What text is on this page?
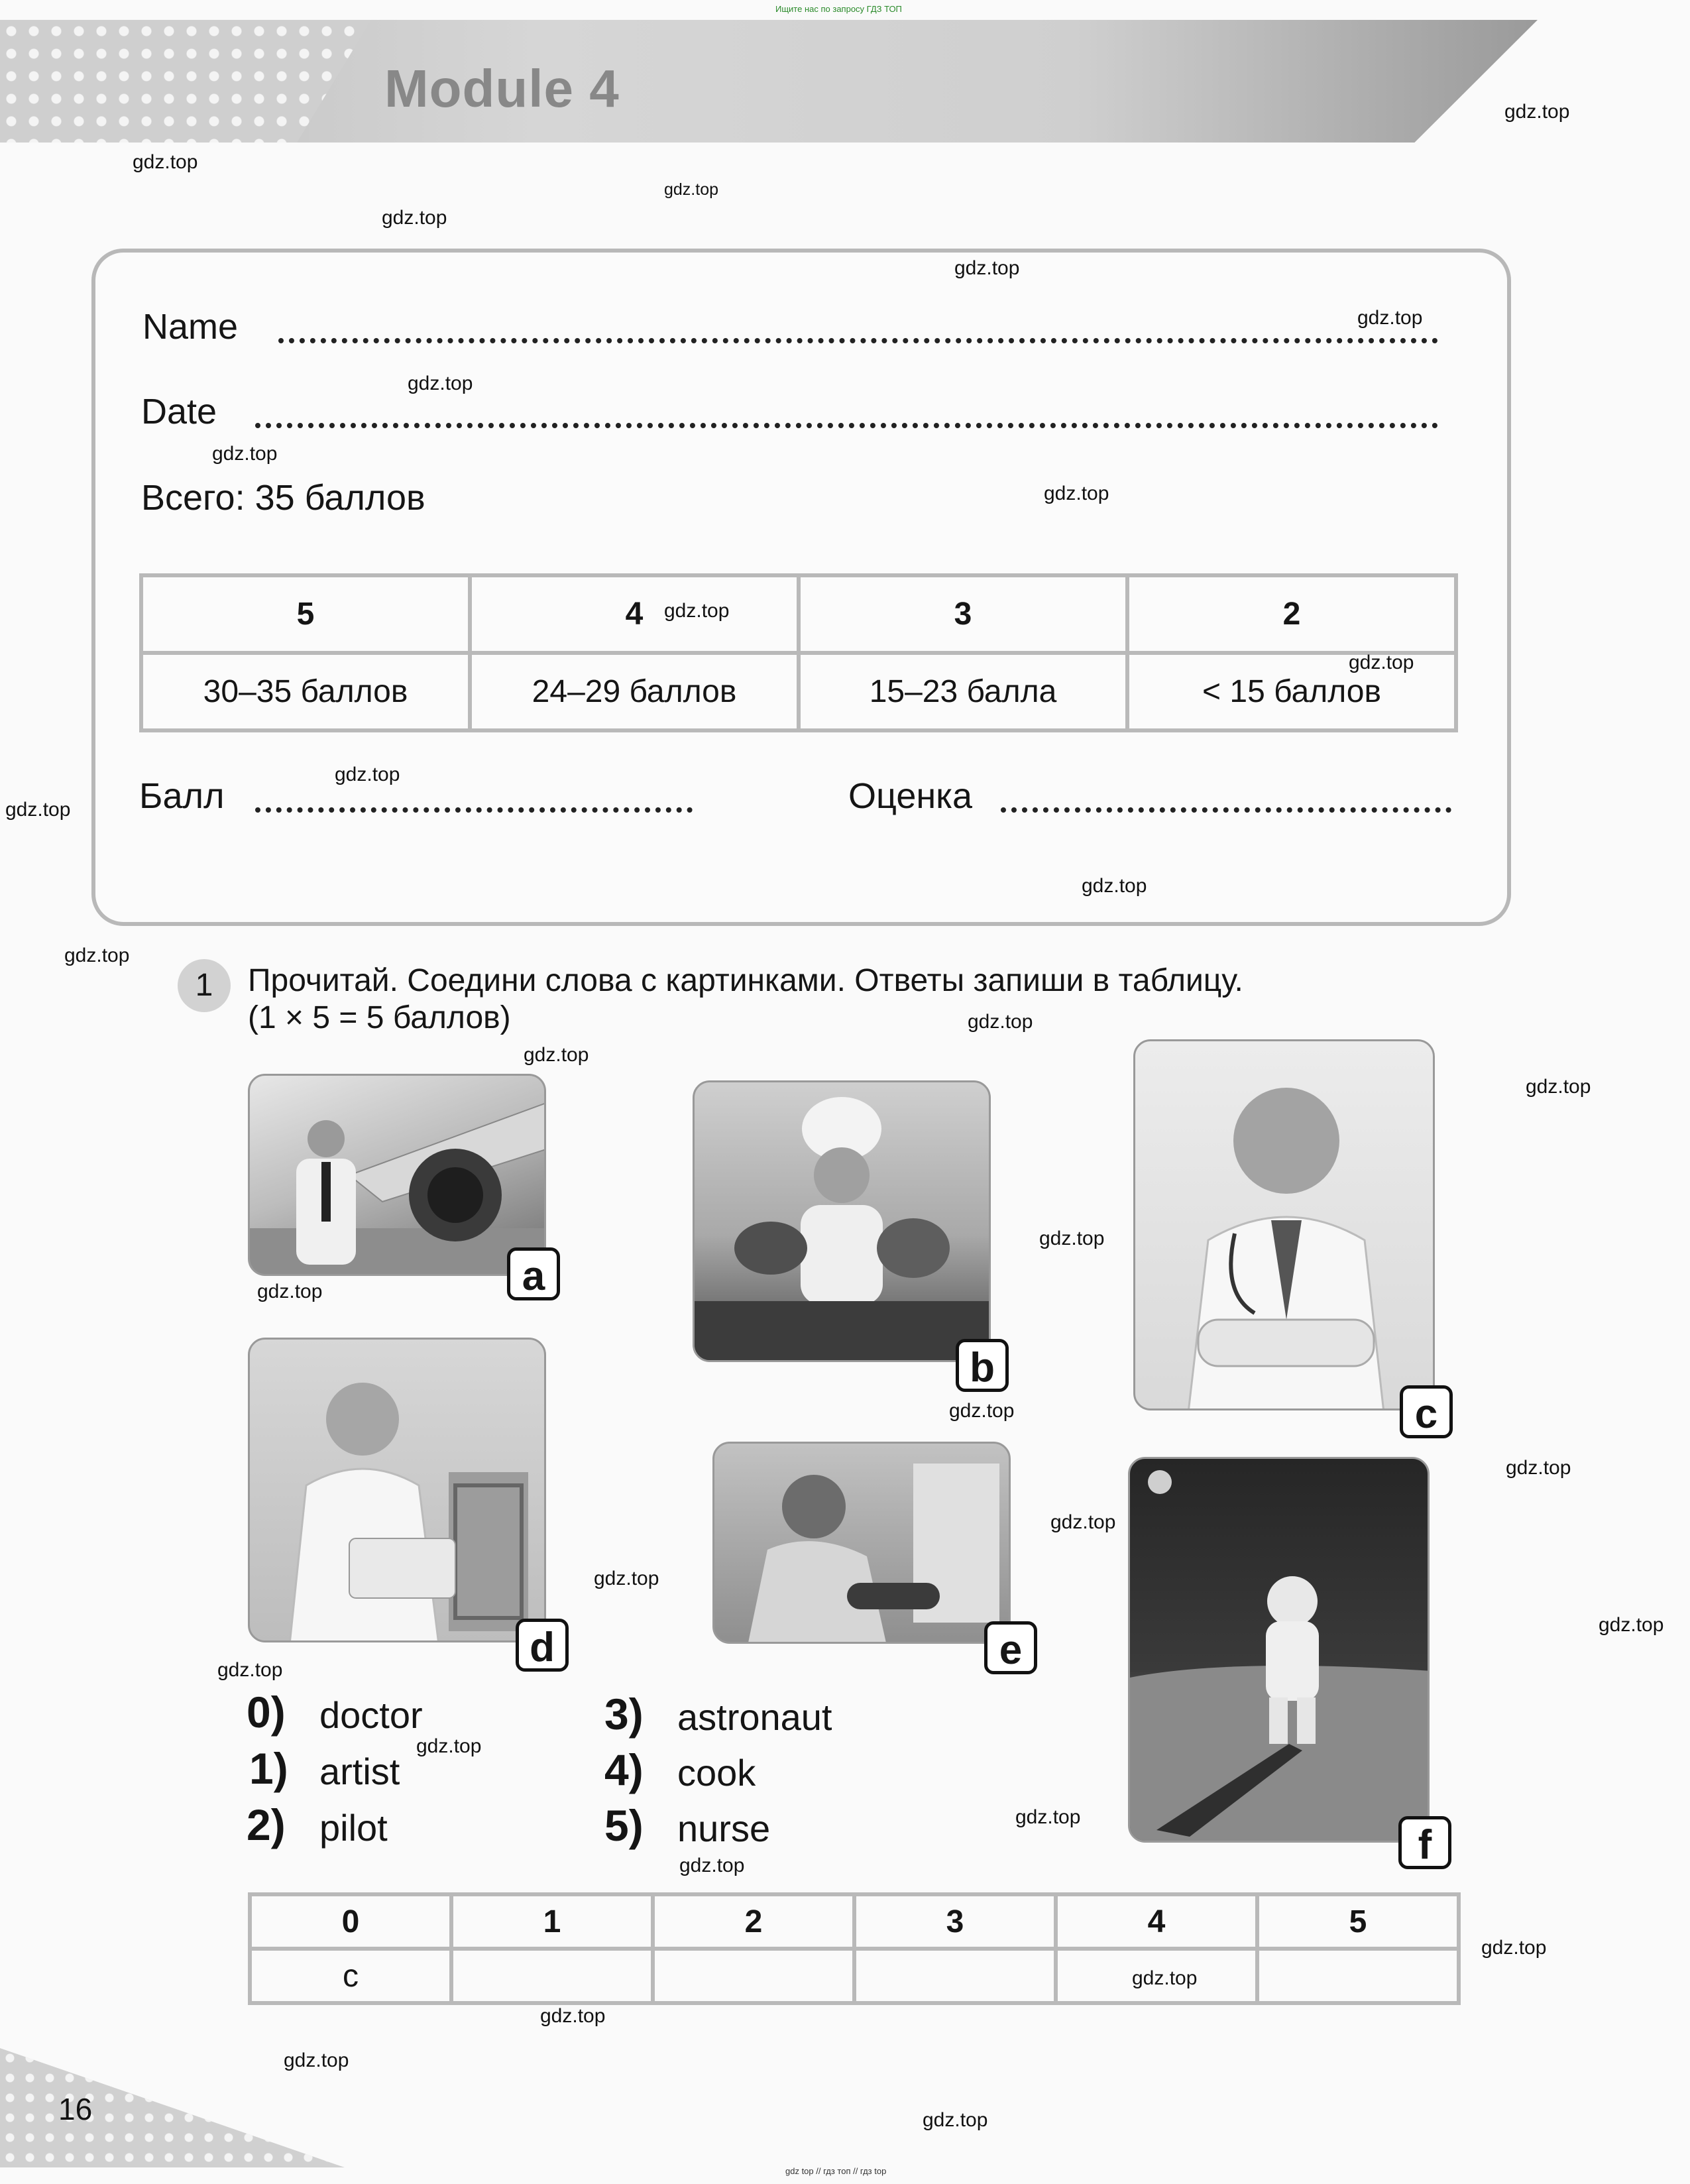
Ищите нас по запросу ГДЗ ТОП
Module 4
Name
Date
Всего: 35 баллов
5	4	3	2
30–35 баллов	24–29 баллов	15–23 балла	< 15 баллов
Балл	Оценка
1	Прочитай. Соедини слова с картинками. Ответы запиши в таблицу.
(1 × 5 = 5 баллов)
a
b
c
d	e
f
0) doctor
1) artist
2) pilot
3) astronaut
4) cook
5) nurse
0	1	2	3	4	5
c					
16
gdz top // гдз топ // гдз top
gdz.top
gdz.top
gdz.top
gdz.top
gdz.top
gdz.top
gdz.top
gdz.top
gdz.top
gdz.top
gdz.top
gdz.top
gdz.top
gdz.top
gdz.top
gdz.top
gdz.top
gdz.top
gdz.top
gdz.top
gdz.top
gdz.top
gdz.top
gdz.top
gdz.top
gdz.top
gdz.top
gdz.top
gdz.top
gdz.top
gdz.top
gdz.top
gdz.top
gdz.top
